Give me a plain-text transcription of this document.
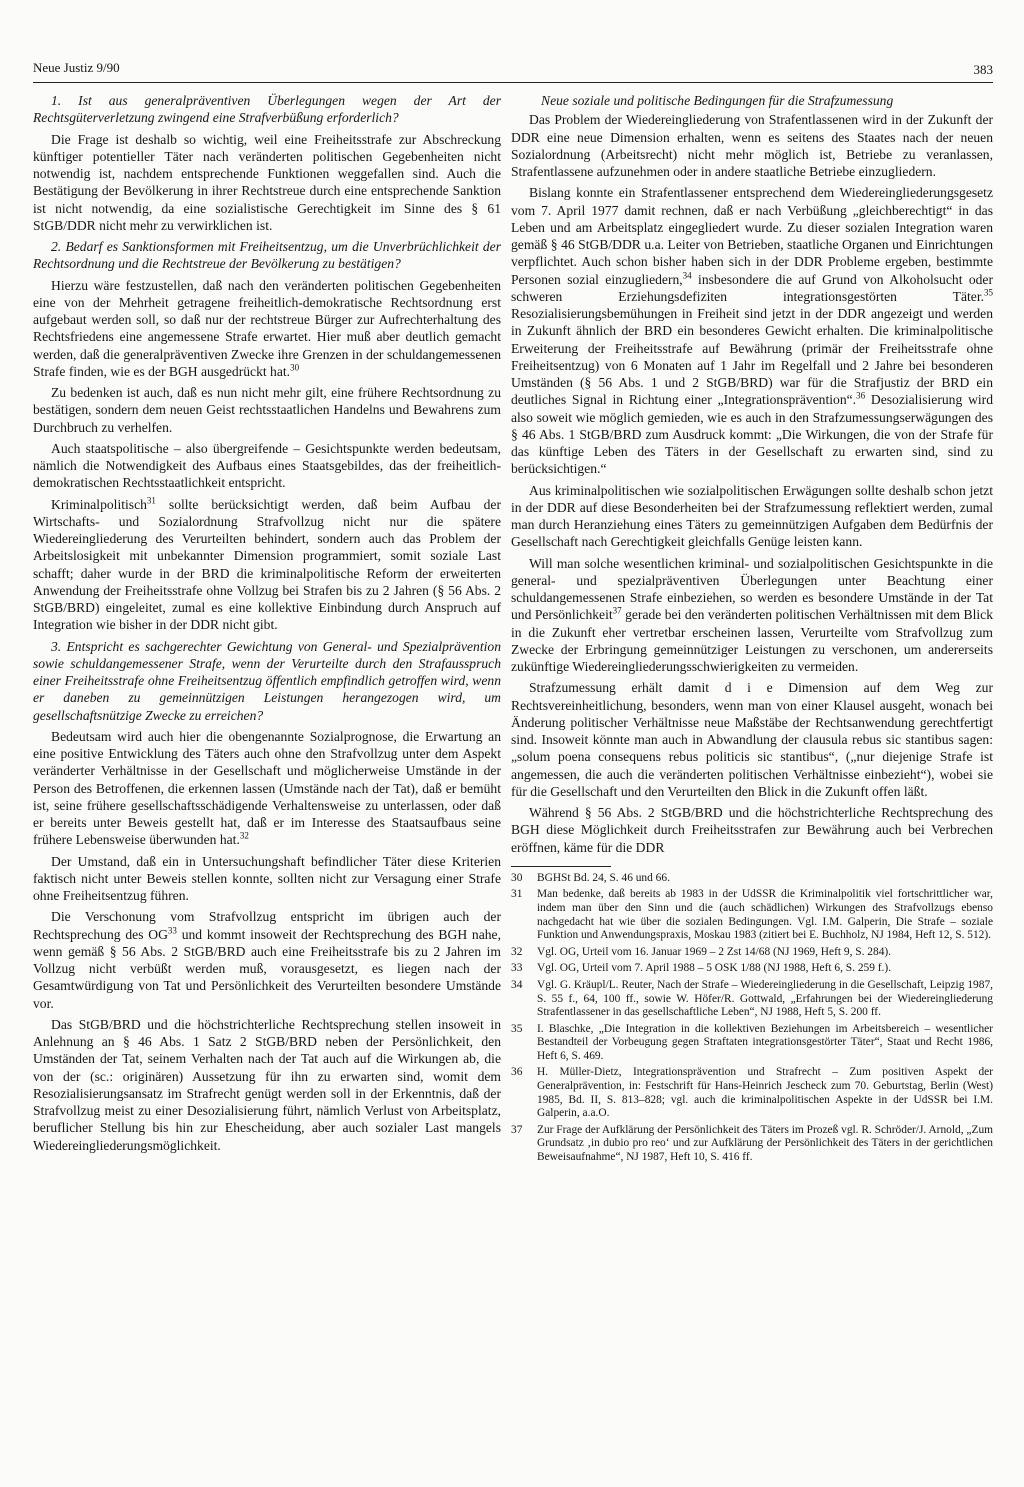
Neue Justiz 9/90	383

1. Ist aus generalpräventiven Überlegungen wegen der Art der Rechtsgüterverletzung zwingend eine Strafverbüßung erforderlich?

Die Frage ist deshalb so wichtig, weil eine Freiheitsstrafe zur Abschreckung künftiger potentieller Täter nach veränderten politischen Gegebenheiten nicht notwendig ist, nachdem entsprechende Funktionen weggefallen sind. Auch die Bestätigung der Bevölkerung in ihrer Rechtstreue durch eine entsprechende Sanktion ist nicht notwendig, da eine sozialistische Gerechtigkeit im Sinne des § 61 StGB/DDR nicht mehr zu verwirklichen ist.

2. Bedarf es Sanktionsformen mit Freiheitsentzug, um die Unverbrüchlichkeit der Rechtsordnung und die Rechtstreue der Bevölkerung zu bestätigen?

Hierzu wäre festzustellen, daß nach den veränderten politischen Gegebenheiten eine von der Mehrheit getragene freiheitlich-demokratische Rechtsordnung erst aufgebaut werden soll, so daß nur der rechtstreue Bürger zur Aufrechterhaltung des Rechtsfriedens eine angemessene Strafe erwartet. Hier muß aber deutlich gemacht werden, daß die generalpräventiven Zwecke ihre Grenzen in der schuldangemessenen Strafe finden, wie es der BGH ausgedrückt hat.$^{30}$

Zu bedenken ist auch, daß es nun nicht mehr gilt, eine frühere Rechtsordnung zu bestätigen, sondern dem neuen Geist rechtsstaatlichen Handelns und Bewahrens zum Durchbruch zu verhelfen.

Auch staatspolitische – also übergreifende – Gesichtspunkte werden bedeutsam, nämlich die Notwendigkeit des Aufbaus eines Staatsgebildes, das der freiheitlich-demokratischen Rechtsstaatlichkeit entspricht.

Kriminalpolitisch$^{31}$ sollte berücksichtigt werden, daß beim Aufbau der Wirtschafts- und Sozialordnung Strafvollzug nicht nur die spätere Wiedereingliederung des Verurteilten behindert, sondern auch das Problem der Arbeitslosigkeit mit unbekannter Dimension programmiert, somit soziale Last schafft; daher wurde in der BRD die kriminalpolitische Reform der erweiterten Anwendung der Freiheitsstrafe ohne Vollzug bei Strafen bis zu 2 Jahren (§ 56 Abs. 2 StGB/BRD) eingeleitet, zumal es eine kollektive Einbindung durch Anspruch auf Integration wie bisher in der DDR nicht gibt.

3. Entspricht es sachgerechter Gewichtung von General- und Spezialprävention sowie schuldangemessener Strafe, wenn der Verurteilte durch den Strafausspruch einer Freiheitsstrafe ohne Freiheitsentzug öffentlich empfindlich getroffen wird, wenn er daneben zu gemeinnützigen Leistungen herangezogen wird, um gesellschaftsnützige Zwecke zu erreichen?

Bedeutsam wird auch hier die obengenannte Sozialprognose, die Erwartung an eine positive Entwicklung des Täters auch ohne den Strafvollzug unter dem Aspekt veränderter Verhältnisse in der Gesellschaft und möglicherweise Umstände in der Person des Betroffenen, die erkennen lassen (Umstände nach der Tat), daß er bemüht ist, seine frühere gesellschaftsschädigende Verhaltensweise zu unterlassen, oder daß er bereits unter Beweis gestellt hat, daß er im Interesse des Staatsaufbaus seine frühere Lebensweise überwunden hat.$^{32}$

Der Umstand, daß ein in Untersuchungshaft befindlicher Täter diese Kriterien faktisch nicht unter Beweis stellen konnte, sollten nicht zur Versagung einer Strafe ohne Freiheitsentzug führen.

Die Verschonung vom Strafvollzug entspricht im übrigen auch der Rechtsprechung des OG$^{33}$ und kommt insoweit der Rechtsprechung des BGH nahe, wenn gemäß § 56 Abs. 2 StGB/BRD auch eine Freiheitsstrafe bis zu 2 Jahren im Vollzug nicht verbüßt werden muß, vorausgesetzt, es liegen nach der Gesamtwürdigung von Tat und Persönlichkeit des Verurteilten besondere Umstände vor.

Das StGB/BRD und die höchstrichterliche Rechtsprechung stellen insoweit in Anlehnung an § 46 Abs. 1 Satz 2 StGB/BRD neben der Persönlichkeit, den Umständen der Tat, seinem Verhalten nach der Tat auch auf die Wirkungen ab, die von der (sc.: originären) Aussetzung für ihn zu erwarten sind, womit dem Resozialisierungsansatz im Strafrecht genügt werden soll in der Erkenntnis, daß der Strafvollzug meist zu einer Desozialisierung führt, nämlich Verlust von Arbeitsplatz, beruflicher Stellung bis hin zur Ehescheidung, aber auch sozialer Last mangels Wiedereingliederungsmöglichkeit.

Neue soziale und politische Bedingungen für die Strafzumessung

Das Problem der Wiedereingliederung von Strafentlassenen wird in der Zukunft der DDR eine neue Dimension erhalten, wenn es seitens des Staates nach der neuen Sozialordnung (Arbeitsrecht) nicht mehr möglich ist, Betriebe zu veranlassen, Strafentlassene aufzunehmen oder in andere staatliche Betriebe einzugliedern.

Bislang konnte ein Strafentlassener entsprechend dem Wiedereingliederungsgesetz vom 7. April 1977 damit rechnen, daß er nach Verbüßung „gleichberechtigt“ in das Leben und am Arbeitsplatz eingegliedert wurde. Zu dieser sozialen Integration waren gemäß § 46 StGB/DDR u.a. Leiter von Betrieben, staatliche Organen und Einrichtungen verpflichtet. Auch schon bisher haben sich in der DDR Probleme ergeben, bestimmte Personen sozial einzugliedern,$^{34}$ insbesondere die auf Grund von Alkoholsucht oder schweren Erziehungsdefiziten integrationsgestörten Täter.$^{35}$ Resozialisierungsbemühungen in Freiheit sind jetzt in der DDR angezeigt und werden in Zukunft ähnlich der BRD ein besonderes Gewicht erhalten. Die kriminalpolitische Erweiterung der Freiheitsstrafe auf Bewährung (primär der Freiheitsstrafe ohne Freiheitsentzug) von 6 Monaten auf 1 Jahr im Regelfall und 2 Jahre bei besonderen Umständen (§ 56 Abs. 1 und 2 StGB/BRD) war für die Strafjustiz der BRD ein deutliches Signal in Richtung einer „Integrationsprävention“.$^{36}$ Desozialisierung wird also soweit wie möglich gemieden, wie es auch in den Strafzumessungserwägungen des § 46 Abs. 1 StGB/BRD zum Ausdruck kommt: „Die Wirkungen, die von der Strafe für das künftige Leben des Täters in der Gesellschaft zu erwarten sind, sind zu berücksichtigen.“

Aus kriminalpolitischen wie sozialpolitischen Erwägungen sollte deshalb schon jetzt in der DDR auf diese Besonderheiten bei der Strafzumessung reflektiert werden, zumal man durch Heranziehung eines Täters zu gemeinnützigen Aufgaben dem Bedürfnis der Gesellschaft nach Gerechtigkeit gleichfalls Genüge leisten kann.

Will man solche wesentlichen kriminal- und sozialpolitischen Gesichtspunkte in die general- und spezialpräventiven Überlegungen unter Beachtung einer schuldangemessenen Strafe einbeziehen, so werden es besondere Umstände in der Tat und Persönlichkeit$^{37}$ gerade bei den veränderten politischen Verhältnissen mit dem Blick in die Zukunft eher vertretbar erscheinen lassen, Verurteilte vom Strafvollzug zum Zwecke der Erbringung gemeinnütziger Leistungen zu verschonen, um andererseits zukünftige Wiedereingliederungsschwierigkeiten zu vermeiden.

Strafzumessung erhält damit d i e Dimension auf dem Weg zur Rechtsvereinheitlichung, besonders, wenn man von einer Klausel ausgeht, wonach bei Änderung politischer Verhältnisse neue Maßstäbe der Rechtsanwendung gerechtfertigt sind. Insoweit könnte man auch in Abwandlung der clausula rebus sic stantibus sagen: „solum poena consequens rebus politicis sic stantibus“, („nur diejenige Strafe ist angemessen, die auch die veränderten politischen Verhältnisse einbezieht“), wobei sie für die Gesellschaft und den Verurteilten den Blick in die Zukunft offen läßt.

Während § 56 Abs. 2 StGB/BRD und die höchstrichterliche Rechtsprechung des BGH diese Möglichkeit durch Freiheitsstrafen zur Bewährung auch bei Verbrechen eröffnen, käme für die DDR

30 BGHSt Bd. 24, S. 46 und 66.
31 Man bedenke, daß bereits ab 1983 in der UdSSR die Kriminalpolitik viel fortschrittlicher war, indem man über den Sinn und die (auch schädlichen) Wirkungen des Strafvollzugs ebenso nachgedacht hat wie über die sozialen Bedingungen. Vgl. I.M. Galperin, Die Strafe – soziale Funktion und Anwendungspraxis, Moskau 1983 (zitiert bei E. Buchholz, NJ 1984, Heft 12, S. 512).
32 Vgl. OG, Urteil vom 16. Januar 1969 – 2 Zst 14/68 (NJ 1969, Heft 9, S. 284).
33 Vgl. OG, Urteil vom 7. April 1988 – 5 OSK 1/88 (NJ 1988, Heft 6, S. 259 f.).
34 Vgl. G. Kräupl/L. Reuter, Nach der Strafe – Wiedereingliederung in die Gesellschaft, Leipzig 1987, S. 55 f., 64, 100 ff., sowie W. Höfer/R. Gottwald, „Erfahrungen bei der Wiedereingliederung Strafentlassener in das gesellschaftliche Leben“, NJ 1988, Heft 5, S. 200 ff.
35 I. Blaschke, „Die Integration in die kollektiven Beziehungen im Arbeitsbereich – wesentlicher Bestandteil der Vorbeugung gegen Straftaten integrationsgestörter Täter“, Staat und Recht 1986, Heft 6, S. 469.
36 H. Müller-Dietz, Integrationsprävention und Strafrecht – Zum positiven Aspekt der Generalprävention, in: Festschrift für Hans-Heinrich Jescheck zum 70. Geburtstag, Berlin (West) 1985, Bd. II, S. 813–828; vgl. auch die kriminalpolitischen Aspekte in der UdSSR bei I.M. Galperin, a.a.O.
37 Zur Frage der Aufklärung der Persönlichkeit des Täters im Prozeß vgl. R. Schröder/J. Arnold, „Zum Grundsatz ‚in dubio pro reo‘ und zur Aufklärung der Persönlichkeit des Täters in der gerichtlichen Beweisaufnahme“, NJ 1987, Heft 10, S. 416 ff.
